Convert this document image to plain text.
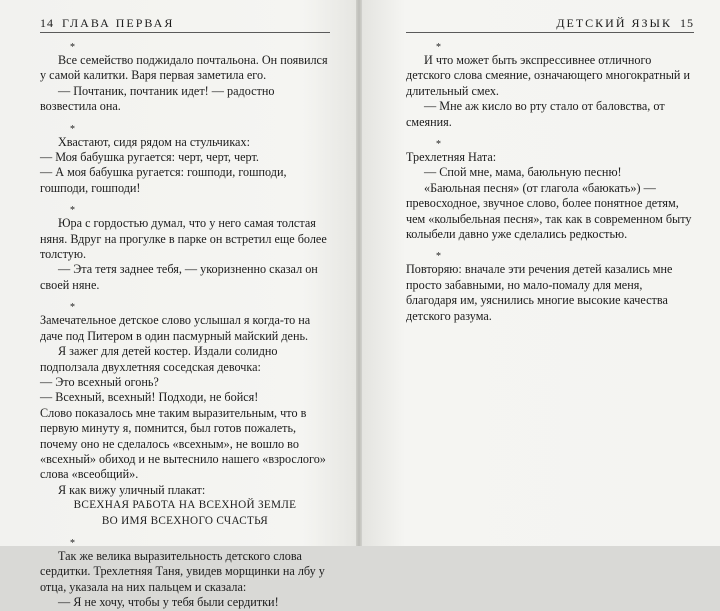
14 ГЛАВА ПЕРВАЯ
*

Все семейство поджидало почтальона. Он появился у самой калитки. Варя первая заметила его.

— Почтаник, почтаник идет! — радостно возвестила она.

*

Хвастают, сидя рядом на стульчиках:

— Моя бабушка ругается: черт, черт, черт.

— А моя бабушка ругается: гошподи, гошподи, гошподи, гошподи!

*

Юра с гордостью думал, что у него самая толстая няня. Вдруг на прогулке в парке он встретил еще более толстую.

— Эта тетя заднее тебя, — укоризненно сказал он своей няне.

*

Замечательное детское слово услышал я когда-то на даче под Питером в один пасмурный майский день.

Я зажег для детей костер. Издали солидно подползала двухлетняя соседская девочка:

— Это всехный огонь?

— Всехный, всехный! Подходи, не бойся!

Слово показалось мне таким выразительным, что в первую минуту я, помнится, был готов пожалеть, почему оно не сделалось «всехным», не вошло во «всехный» обиход и не вытеснило нашего «взрослого» слова «всеобщий».

Я как вижу уличный плакат:

ВСЕХНАЯ РАБОТА НА ВСЕХНОЙ ЗЕМЛЕ

ВО ИМЯ ВСЕХНОГО СЧАСТЬЯ

*

Так же велика выразительность детского слова сердитки. Трехлетняя Таня, увидев морщинки на лбу у отца, указала на них пальцем и сказала:

— Я не хочу, чтобы у тебя были сердитки!

ДЕТСКИЙ ЯЗЫК 15
*

И что может быть экспрессивнее отличного детского слова смеяние, означающего многократный и длительный смех.

— Мне аж кисло во рту стало от баловства, от смеяния.

*

Трехлетняя Ната:

— Спой мне, мама, баюльную песню!

«Баюльная песня» (от глагола «баюкать») — превосходное, звучное слово, более понятное детям, чем «колыбельная песня», так как в современном быту колыбели давно уже сделались редкостью.

*

Повторяю: вначале эти речения детей казались мне просто забавными, но мало-помалу для меня, благодаря им, уяснились многие высокие качества детского разума.
